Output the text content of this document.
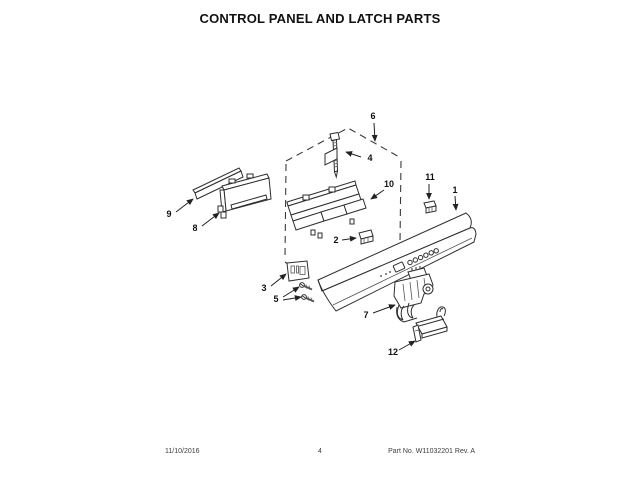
CONTROL PANEL AND LATCH PARTS
1
2
3
4
5
6
7
8
9
10
11
12
11/10/2016	4	Part No. W11032201 Rev. A
